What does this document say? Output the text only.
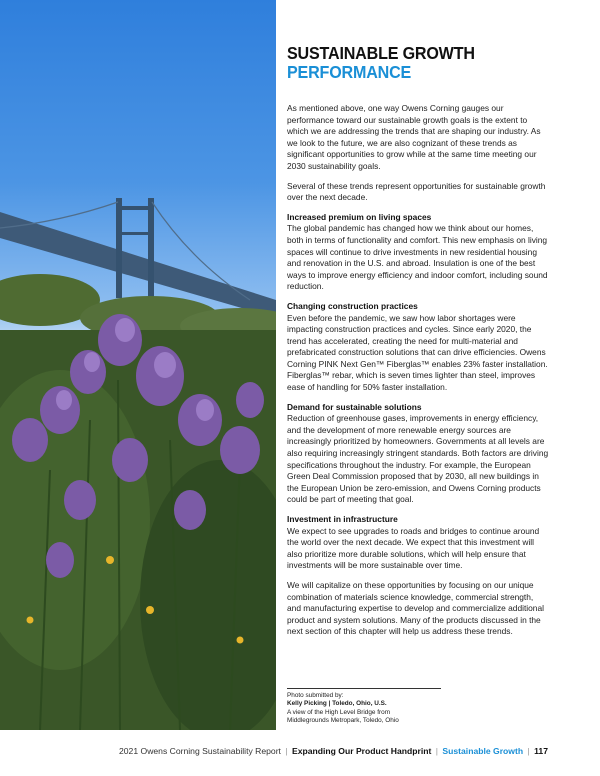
SUSTAINABLE GROWTH
PERFORMANCE

As mentioned above, one way Owens Corning gauges our performance toward our sustainable growth goals is the extent to which we are addressing the trends that are shaping our industry. As we look to the future, we are also cognizant of these trends as significant opportunities to grow while at the same time meeting our 2030 sustainability goals.

Several of these trends represent opportunities for sustainable growth over the next decade.

Increased premium on living spaces

The global pandemic has changed how we think about our homes, both in terms of functionality and comfort. This new emphasis on living spaces will continue to drive investments in new residential housing and renovation in the U.S. and abroad. Insulation is one of the best ways to improve energy efficiency and indoor comfort, including sound reduction.

Changing construction practices

Even before the pandemic, we saw how labor shortages were impacting construction practices and cycles. Since early 2020, the trend has accelerated, creating the need for multi-material and prefabricated construction solutions that can drive efficiencies. Owens Corning PINK Next Gen™ Fiberglas™ enables 23% faster installation. Fiberglas™ rebar, which is seven times lighter than steel, improves ease of handling for 50% faster installation.

Demand for sustainable solutions

Reduction of greenhouse gases, improvements in energy efficiency, and the development of more renewable energy sources are increasingly prioritized by homeowners. Governments at all levels are also requiring increasingly stringent standards. Both factors are driving specifications throughout the industry. For example, the European Green Deal Commission proposed that by 2030, all new buildings in the European Union be zero-emission, and Owens Corning products could be part of meeting that goal.

Investment in infrastructure

We expect to see upgrades to roads and bridges to continue around the world over the next decade. We expect that this investment will also prioritize more durable solutions, which will help ensure that investments will be more sustainable over time.

We will capitalize on these opportunities by focusing on our unique combination of materials science knowledge, commercial strength, and manufacturing expertise to develop and commercialize additional product and system solutions. Many of the products discussed in the next section of this chapter will help us address these trends.

Photo submitted by:
Kelly Picking | Toledo, Ohio, U.S.
A view of the High Level Bridge from
Middlegrounds Metropark, Toledo, Ohio
2021 Owens Corning Sustainability Report | Expanding Our Product Handprint | Sustainable Growth | 117
